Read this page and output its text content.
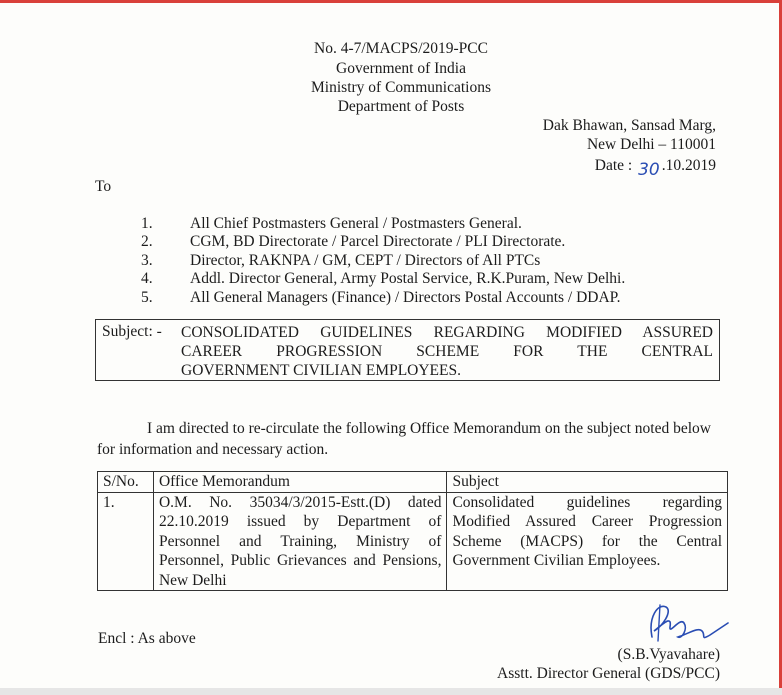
No. 4-7/MACPS/2019-PCC
Government of India
Ministry of Communications
Department of Posts
Dak Bhawan, Sansad Marg,
New Delhi – 110001
Date : 30 .10.2019
To
1.	All Chief Postmasters General / Postmasters General.
2.	CGM, BD Directorate / Parcel Directorate / PLI Directorate.
3.	Director, RAKNPA / GM, CEPT / Directors of All PTCs
4.	Addl. Director General, Army Postal Service, R.K.Puram, New Delhi.
5.	All General Managers (Finance) / Directors Postal Accounts / DDAP.
Subject: - CONSOLIDATED GUIDELINES REGARDING MODIFIED ASSURED
CAREER PROGRESSION SCHEME FOR THE CENTRAL
GOVERNMENT CIVILIAN EMPLOYEES.
I am directed to re-circulate the following Office Memorandum on the subject noted below for information and necessary action.
S/No.	Office Memorandum	Subject
1.	O.M. No. 35034/3/2015-Estt.(D) dated 22.10.2019 issued by Department of Personnel and Training, Ministry of Personnel, Public Grievances and Pensions, New Delhi	Consolidated guidelines regarding Modified Assured Career Progression Scheme (MACPS) for the Central Government Civilian Employees.
Encl : As above
(S.B.Vyavahare)
Asstt. Director General (GDS/PCC)
